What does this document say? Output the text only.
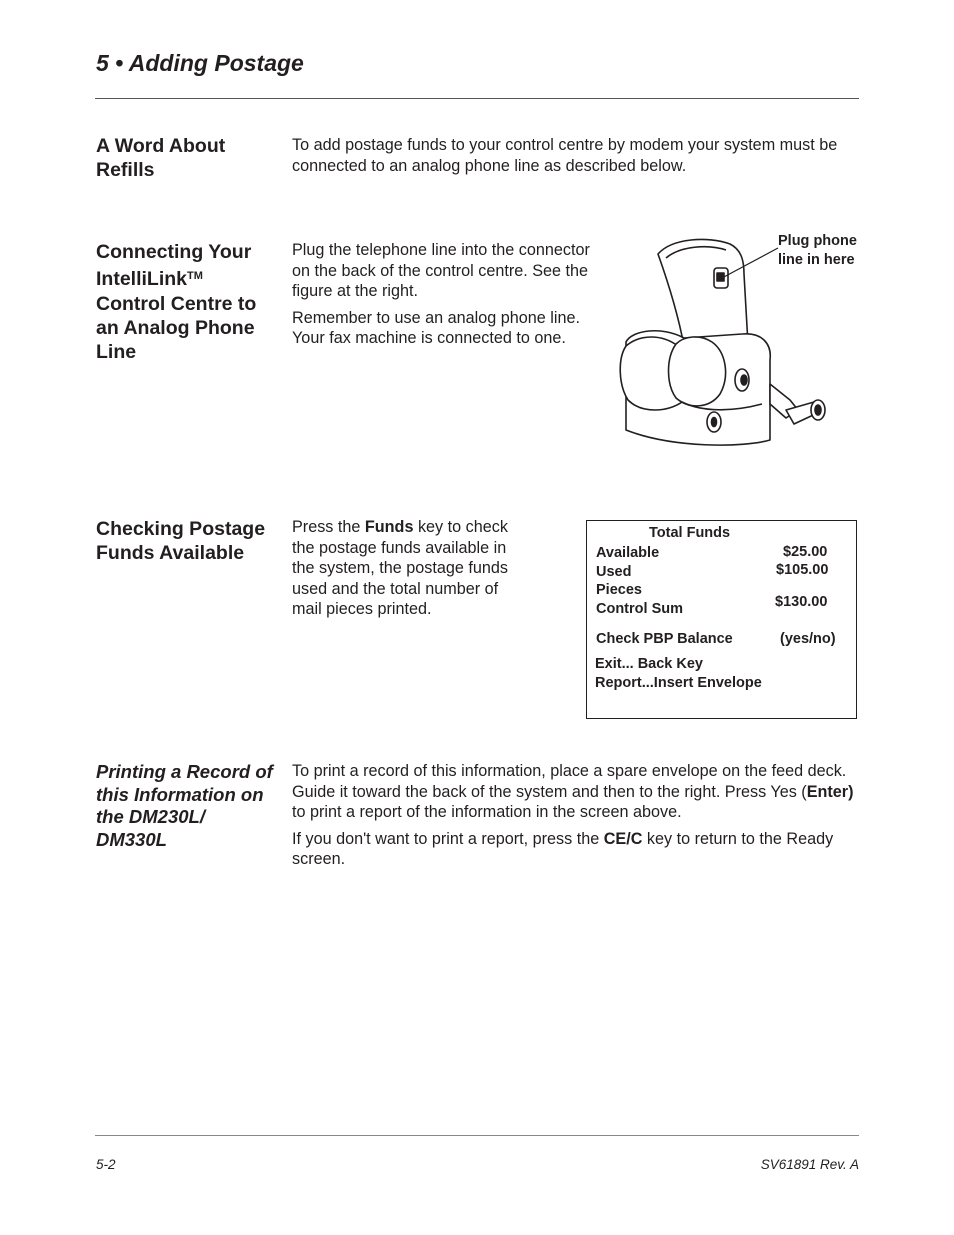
5 • Adding Postage
A Word About Refills

To add postage funds to your control centre by modem your system must be connected to an analog phone line as described below.

Connecting Your IntelliLink™ Control Centre to an Analog Phone Line

Plug the telephone line into the connector on the back of the control centre. See the figure at the right.

Remember to use an analog phone line. Your fax machine is connected to one.

Plug phone line in here
Checking Postage Funds Available

Press the Funds key to check the postage funds available in the system, the postage funds used and the total number of mail pieces printed.

Total Funds
Available	$25.00
Used	$105.00
Pieces
Control Sum	$130.00
Check PBP Balance	(yes/no)
Exit... Back Key
Report...Insert Envelope
Printing a Record of this Information on the DM230L/ DM330L

To print a record of this information, place a spare envelope on the feed deck. Guide it toward the back of the system and then to the right. Press Yes (Enter) to print a report of the information in the screen above.

If you don't want to print a report, press the CE/C key to return to the Ready screen.

5-2	SV61891 Rev. A
